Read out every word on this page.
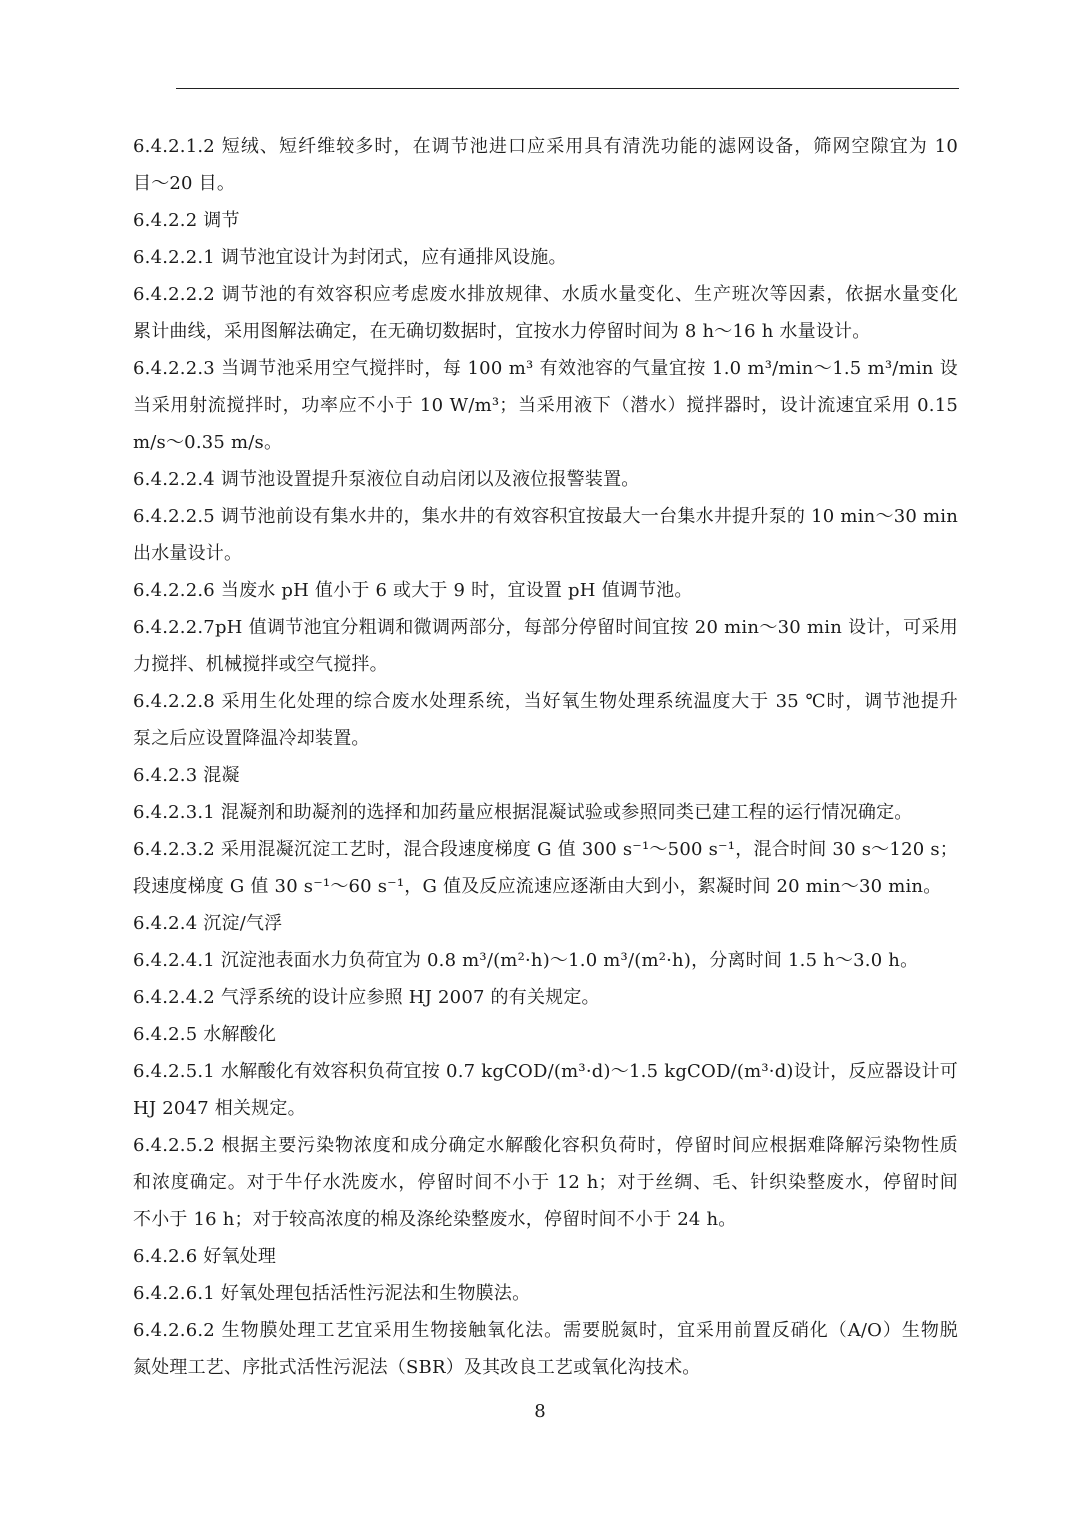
6.4.2.1.2 短绒、短纤维较多时，在调节池进口应采用具有清洗功能的滤网设备，筛网空隙宜为 10
目～20 目。
6.4.2.2 调节
6.4.2.2.1 调节池宜设计为封闭式，应有通排风设施。
6.4.2.2.2 调节池的有效容积应考虑废水排放规律、水质水量变化、生产班次等因素，依据水量变化
累计曲线，采用图解法确定，在无确切数据时，宜按水力停留时间为 8 h～16 h 水量设计。
6.4.2.2.3 当调节池采用空气搅拌时，每 100 m³ 有效池容的气量宜按 1.0 m³/min～1.5 m³/min 设
当采用射流搅拌时，功率应不小于 10 W/m³；当采用液下（潜水）搅拌器时，设计流速宜采用 0.15
m/s～0.35 m/s。
6.4.2.2.4 调节池设置提升泵液位自动启闭以及液位报警装置。
6.4.2.2.5 调节池前设有集水井的，集水井的有效容积宜按最大一台集水井提升泵的 10 min～30 min
出水量设计。
6.4.2.2.6 当废水 pH 值小于 6 或大于 9 时，宜设置 pH 值调节池。
6.4.2.2.7pH 值调节池宜分粗调和微调两部分，每部分停留时间宜按 20 min～30 min 设计，可采用
力搅拌、机械搅拌或空气搅拌。
6.4.2.2.8 采用生化处理的综合废水处理系统，当好氧生物处理系统温度大于 35 ℃时，调节池提升
泵之后应设置降温冷却装置。
6.4.2.3 混凝
6.4.2.3.1 混凝剂和助凝剂的选择和加药量应根据混凝试验或参照同类已建工程的运行情况确定。
6.4.2.3.2 采用混凝沉淀工艺时，混合段速度梯度 G 值 300 s⁻¹～500 s⁻¹，混合时间 30 s～120 s；
段速度梯度 G 值 30 s⁻¹～60 s⁻¹，G 值及反应流速应逐渐由大到小，絮凝时间 20 min～30 min。
6.4.2.4 沉淀/气浮
6.4.2.4.1 沉淀池表面水力负荷宜为 0.8 m³/(m²·h)～1.0 m³/(m²·h)，分离时间 1.5 h～3.0 h。
6.4.2.4.2 气浮系统的设计应参照 HJ 2007 的有关规定。
6.4.2.5 水解酸化
6.4.2.5.1 水解酸化有效容积负荷宜按 0.7 kgCOD/(m³·d)～1.5 kgCOD/(m³·d)设计，反应器设计可
HJ 2047 相关规定。
6.4.2.5.2 根据主要污染物浓度和成分确定水解酸化容积负荷时，停留时间应根据难降解污染物性质
和浓度确定。对于牛仔水洗废水，停留时间不小于 12 h；对于丝绸、毛、针织染整废水，停留时间
不小于 16 h；对于较高浓度的棉及涤纶染整废水，停留时间不小于 24 h。
6.4.2.6 好氧处理
6.4.2.6.1 好氧处理包括活性污泥法和生物膜法。
6.4.2.6.2 生物膜处理工艺宜采用生物接触氧化法。需要脱氮时，宜采用前置反硝化（A/O）生物脱
氮处理工艺、序批式活性污泥法（SBR）及其改良工艺或氧化沟技术。
8
